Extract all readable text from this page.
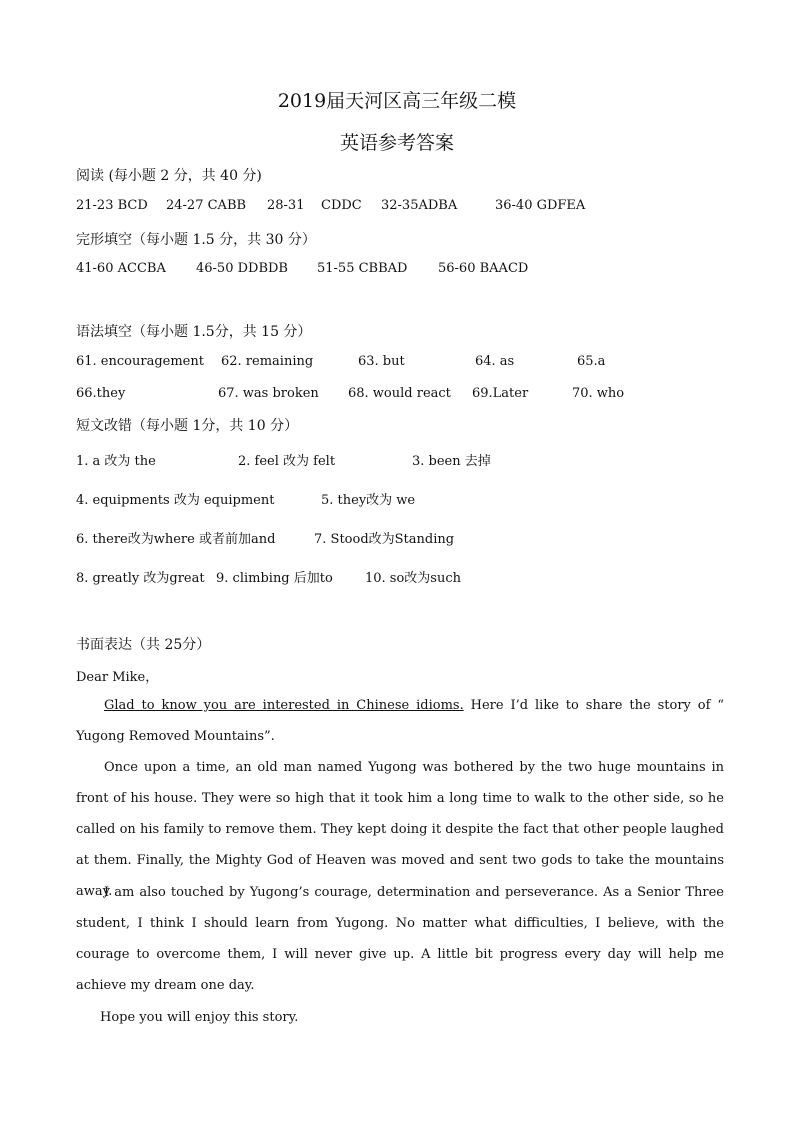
2019届天河区高三年级二模
英语参考答案
阅读 (每小题 2 分，共 40 分)
21-23 BCD 24-27 CABB 28-31 CDDC 32-35ADBA	36-40 GDFEA
完形填空（每小题 1.5 分，共 30 分）
41-60 ACCBA 46-50 DDBDB 51-55 CBBAD 56-60 BAACD
语法填空（每小题 1.5分，共 15 分）
61. encouragement 62. remaining	63. but	64. as	65.a
66.they	67. was broken 68. would react 69.Later	70. who
短文改错（每小题 1分，共 10 分）
1. a 改为 the	2. feel 改为 felt	3. been 去掉
4. equipments 改为 equipment	5. they改为 we
6. there改为where 或者前加and	7. Stood改为Standing
8. greatly 改为great 9. climbing 后加to 10. so改为such
书面表达（共 25分）
Dear Mike，
Glad to know you are interested in Chinese idioms. Here I’d like to share the story of “ Yugong Removed Mountains”.
Once upon a time, an old man named Yugong was bothered by the two huge mountains in front of his house. They were so high that it took him a long time to walk to the other side, so he called on his family to remove them. They kept doing it despite the fact that other people laughed at them. Finally, the Mighty God of Heaven was moved and sent two gods to take the mountains away.
I am also touched by Yugong’s courage, determination and perseverance. As a Senior Three student, I think I should learn from Yugong. No matter what difficulties, I believe, with the courage to overcome them, I will never give up. A little bit progress every day will help me achieve my dream one day.
Hope you will enjoy this story.
